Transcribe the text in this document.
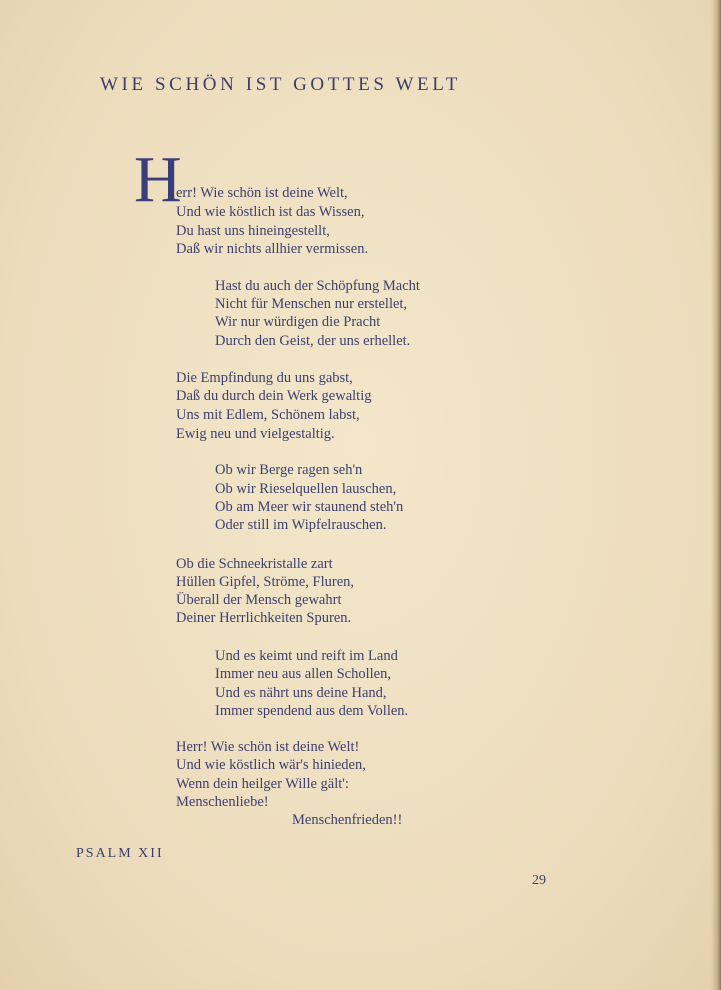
WIE SCHÖN IST GOTTES WELT
H
err! Wie schön ist deine Welt,
Und wie köstlich ist das Wissen,
Du hast uns hineingestellt,
Daß wir nichts allhier vermissen.
Hast du auch der Schöpfung Macht
Nicht für Menschen nur erstellet,
Wir nur würdigen die Pracht
Durch den Geist, der uns erhellet.
Die Empfindung du uns gabst,
Daß du durch dein Werk gewaltig
Uns mit Edlem, Schönem labst,
Ewig neu und vielgestaltig.
Ob wir Berge ragen seh'n
Ob wir Rieselquellen lauschen,
Ob am Meer wir staunend steh'n
Oder still im Wipfelrauschen.
Ob die Schneekristalle zart
Hüllen Gipfel, Ströme, Fluren,
Überall der Mensch gewahrt
Deiner Herrlichkeiten Spuren.
Und es keimt und reift im Land
Immer neu aus allen Schollen,
Und es nährt uns deine Hand,
Immer spendend aus dem Vollen.
Herr! Wie schön ist deine Welt!
Und wie köstlich wär's hinieden,
Wenn dein heilger Wille gält':
Menschenliebe!
Menschenfrieden!!
PSALM XII
29
